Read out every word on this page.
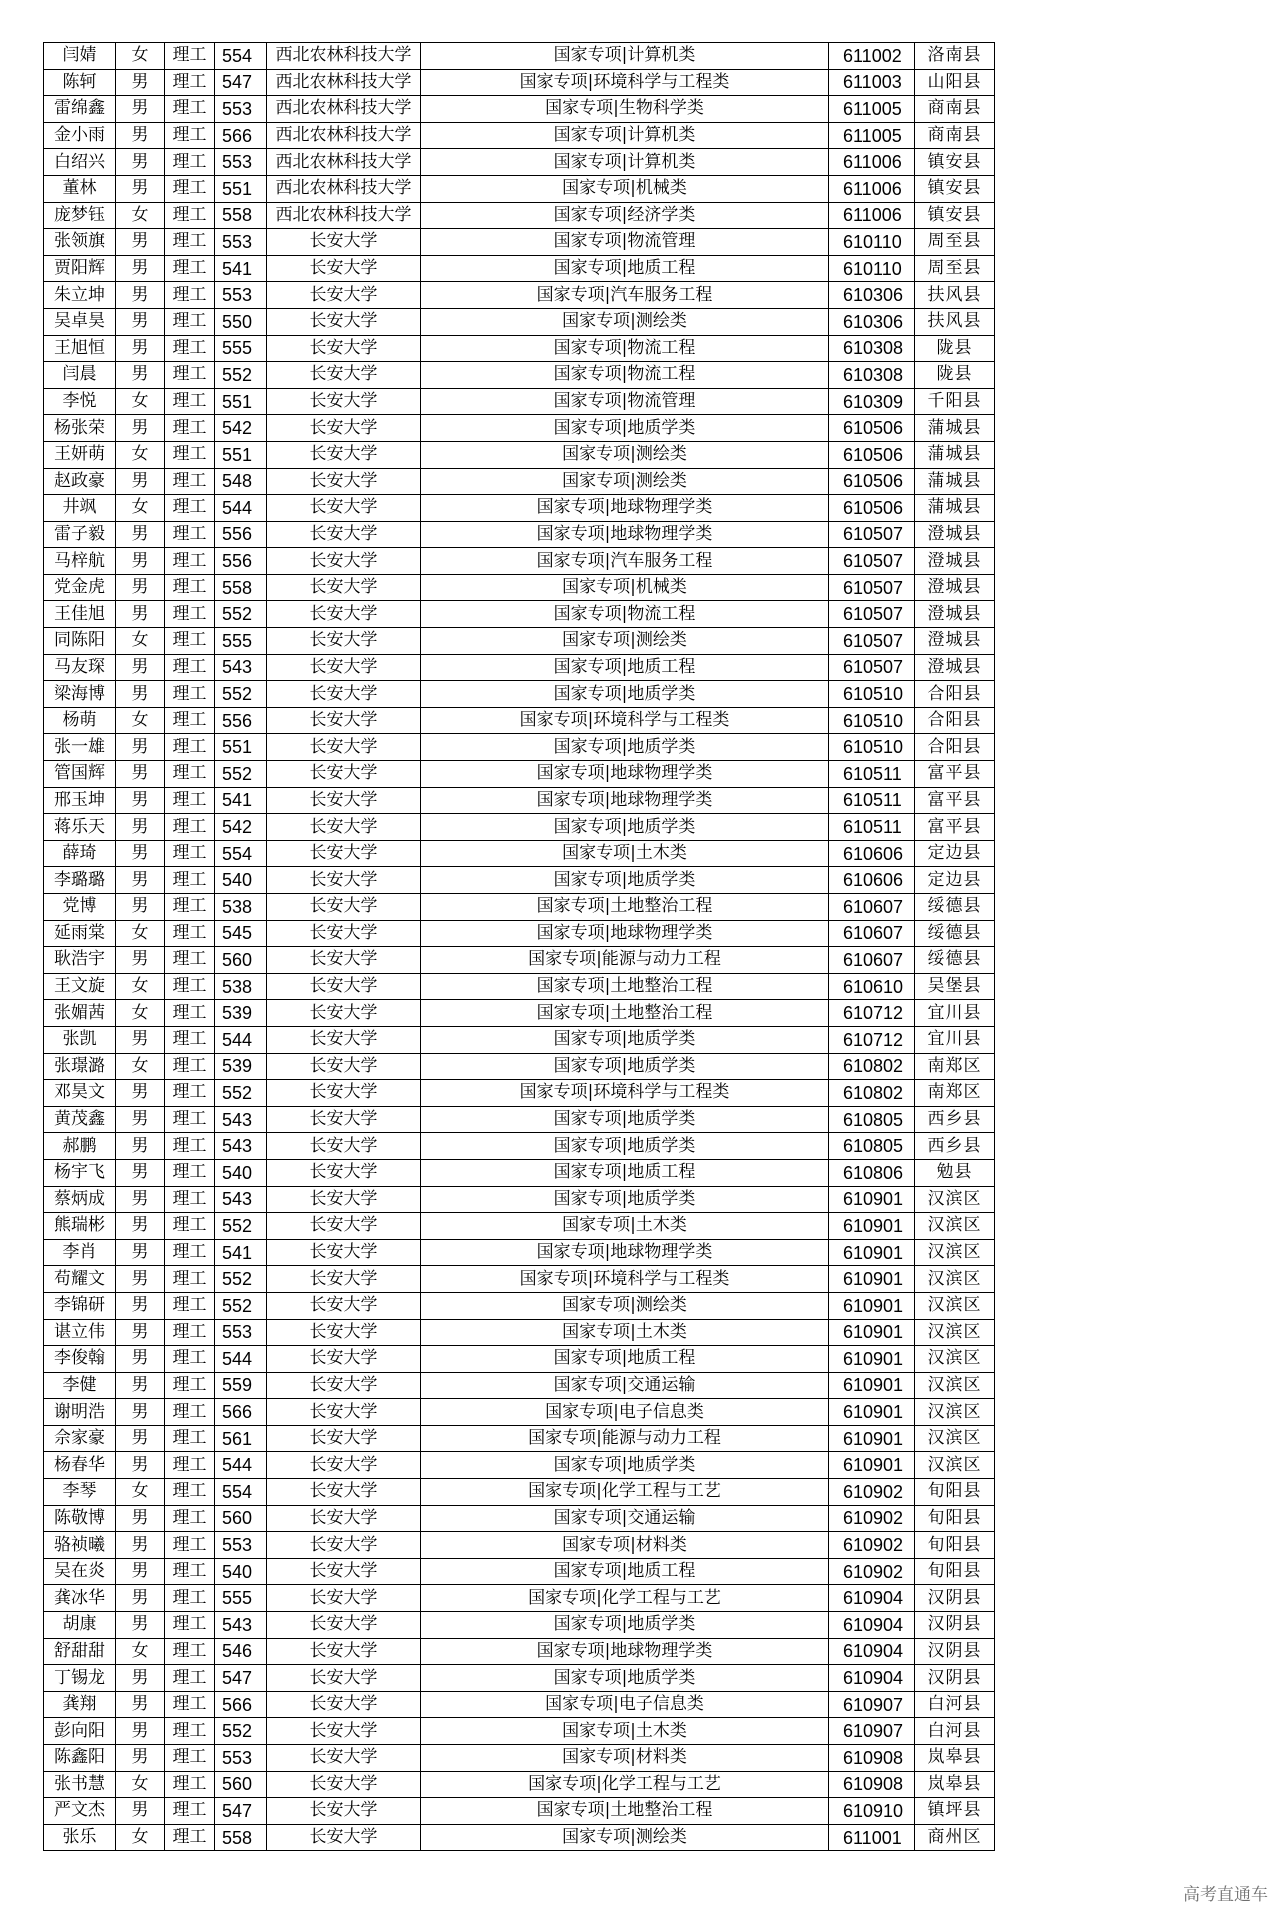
闫婧	女	理工	554	西北农林科技大学	国家专项|计算机类	611002	洛南县
陈轲	男	理工	547	西北农林科技大学	国家专项|环境科学与工程类	611003	山阳县
雷绵鑫	男	理工	553	西北农林科技大学	国家专项|生物科学类	611005	商南县
金小雨	男	理工	566	西北农林科技大学	国家专项|计算机类	611005	商南县
白绍兴	男	理工	553	西北农林科技大学	国家专项|计算机类	611006	镇安县
董林	男	理工	551	西北农林科技大学	国家专项|机械类	611006	镇安县
庞梦钰	女	理工	558	西北农林科技大学	国家专项|经济学类	611006	镇安县
张领旗	男	理工	553	长安大学	国家专项|物流管理	610110	周至县
贾阳辉	男	理工	541	长安大学	国家专项|地质工程	610110	周至县
朱立坤	男	理工	553	长安大学	国家专项|汽车服务工程	610306	扶风县
吴卓昊	男	理工	550	长安大学	国家专项|测绘类	610306	扶风县
王旭恒	男	理工	555	长安大学	国家专项|物流工程	610308	陇县
闫晨	男	理工	552	长安大学	国家专项|物流工程	610308	陇县
李悦	女	理工	551	长安大学	国家专项|物流管理	610309	千阳县
杨张荣	男	理工	542	长安大学	国家专项|地质学类	610506	蒲城县
王妍萌	女	理工	551	长安大学	国家专项|测绘类	610506	蒲城县
赵政豪	男	理工	548	长安大学	国家专项|测绘类	610506	蒲城县
井飒	女	理工	544	长安大学	国家专项|地球物理学类	610506	蒲城县
雷子毅	男	理工	556	长安大学	国家专项|地球物理学类	610507	澄城县
马梓航	男	理工	556	长安大学	国家专项|汽车服务工程	610507	澄城县
党金虎	男	理工	558	长安大学	国家专项|机械类	610507	澄城县
王佳旭	男	理工	552	长安大学	国家专项|物流工程	610507	澄城县
同陈阳	女	理工	555	长安大学	国家专项|测绘类	610507	澄城县
马友琛	男	理工	543	长安大学	国家专项|地质工程	610507	澄城县
梁海博	男	理工	552	长安大学	国家专项|地质学类	610510	合阳县
杨萌	女	理工	556	长安大学	国家专项|环境科学与工程类	610510	合阳县
张一雄	男	理工	551	长安大学	国家专项|地质学类	610510	合阳县
管国辉	男	理工	552	长安大学	国家专项|地球物理学类	610511	富平县
邢玉坤	男	理工	541	长安大学	国家专项|地球物理学类	610511	富平县
蒋乐天	男	理工	542	长安大学	国家专项|地质学类	610511	富平县
薛琦	男	理工	554	长安大学	国家专项|土木类	610606	定边县
李璐璐	男	理工	540	长安大学	国家专项|地质学类	610606	定边县
党博	男	理工	538	长安大学	国家专项|土地整治工程	610607	绥德县
延雨棠	女	理工	545	长安大学	国家专项|地球物理学类	610607	绥德县
耿浩宇	男	理工	560	长安大学	国家专项|能源与动力工程	610607	绥德县
王文旋	女	理工	538	长安大学	国家专项|土地整治工程	610610	吴堡县
张媚茜	女	理工	539	长安大学	国家专项|土地整治工程	610712	宜川县
张凯	男	理工	544	长安大学	国家专项|地质学类	610712	宜川县
张璟潞	女	理工	539	长安大学	国家专项|地质学类	610802	南郑区
邓昊文	男	理工	552	长安大学	国家专项|环境科学与工程类	610802	南郑区
黄茂鑫	男	理工	543	长安大学	国家专项|地质学类	610805	西乡县
郝鹏	男	理工	543	长安大学	国家专项|地质学类	610805	西乡县
杨宇飞	男	理工	540	长安大学	国家专项|地质工程	610806	勉县
蔡炳成	男	理工	543	长安大学	国家专项|地质学类	610901	汉滨区
熊瑞彬	男	理工	552	长安大学	国家专项|土木类	610901	汉滨区
李肖	男	理工	541	长安大学	国家专项|地球物理学类	610901	汉滨区
苟耀文	男	理工	552	长安大学	国家专项|环境科学与工程类	610901	汉滨区
李锦研	男	理工	552	长安大学	国家专项|测绘类	610901	汉滨区
谌立伟	男	理工	553	长安大学	国家专项|土木类	610901	汉滨区
李俊翰	男	理工	544	长安大学	国家专项|地质工程	610901	汉滨区
李健	男	理工	559	长安大学	国家专项|交通运输	610901	汉滨区
谢明浩	男	理工	566	长安大学	国家专项|电子信息类	610901	汉滨区
佘家豪	男	理工	561	长安大学	国家专项|能源与动力工程	610901	汉滨区
杨春华	男	理工	544	长安大学	国家专项|地质学类	610901	汉滨区
李琴	女	理工	554	长安大学	国家专项|化学工程与工艺	610902	旬阳县
陈敬博	男	理工	560	长安大学	国家专项|交通运输	610902	旬阳县
骆祯曦	男	理工	553	长安大学	国家专项|材料类	610902	旬阳县
吴在炎	男	理工	540	长安大学	国家专项|地质工程	610902	旬阳县
龚冰华	男	理工	555	长安大学	国家专项|化学工程与工艺	610904	汉阴县
胡康	男	理工	543	长安大学	国家专项|地质学类	610904	汉阴县
舒甜甜	女	理工	546	长安大学	国家专项|地球物理学类	610904	汉阴县
丁锡龙	男	理工	547	长安大学	国家专项|地质学类	610904	汉阴县
龚翔	男	理工	566	长安大学	国家专项|电子信息类	610907	白河县
彭向阳	男	理工	552	长安大学	国家专项|土木类	610907	白河县
陈鑫阳	男	理工	553	长安大学	国家专项|材料类	610908	岚皋县
张书慧	女	理工	560	长安大学	国家专项|化学工程与工艺	610908	岚皋县
严文杰	男	理工	547	长安大学	国家专项|土地整治工程	610910	镇坪县
张乐	女	理工	558	长安大学	国家专项|测绘类	611001	商州区
高考直通车
